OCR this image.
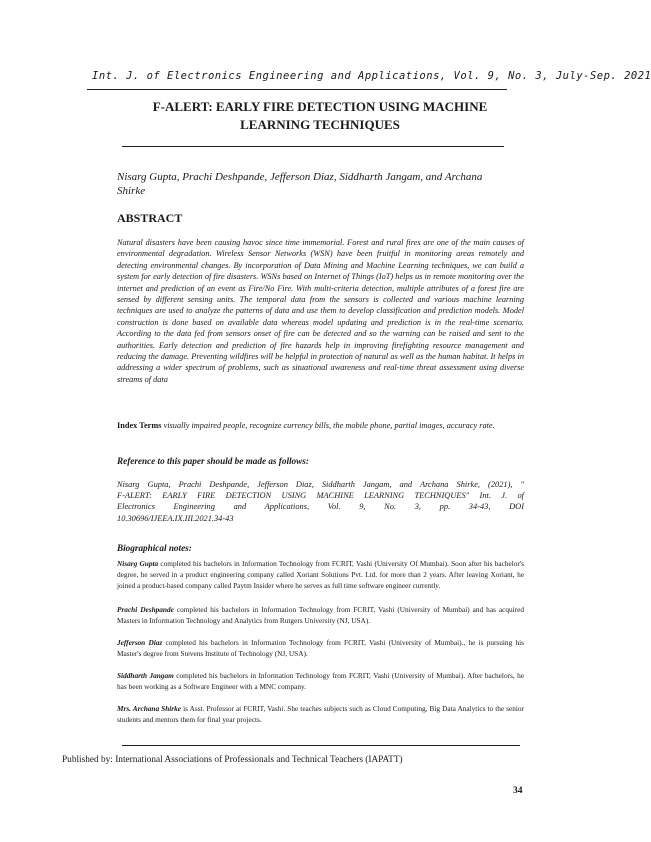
Int. J. of Electronics Engineering and Applications, Vol. 9, No. 3, July-Sep. 2021
F-ALERT: EARLY FIRE DETECTION USING MACHINE
LEARNING TECHNIQUES
Nisarg Gupta, Prachi Deshpande, Jefferson Diaz, Siddharth Jangam, and Archana
Shirke
ABSTRACT
Natural disasters have been causing havoc since time immemorial. Forest and rural fires are one of the main causes of environmental degradation. Wireless Sensor Networks (WSN) have been fruitful in monitoring areas remotely and detecting environmental changes. By incorporation of Data Mining and Machine Learning techniques, we can build a system for early detection of fire disasters. WSNs based on Internet of Things (IoT) helps us in remote monitoring over the internet and prediction of an event as Fire/No Fire. With multi-criteria detection, multiple attributes of a forest fire are sensed by different sensing units. The temporal data from the sensors is collected and various machine learning techniques are used to analyze the patterns of data and use them to develop classification and prediction models. Model construction is done based on available data whereas model updating and prediction is in the real-time scenario. According to the data fed from sensors onset of fire can be detected and so the warning can be raised and sent to the authorities. Early detection and prediction of fire hazards help in improving firefighting resource management and reducing the damage. Preventing wildfires will be helpful in protection of natural as well as the human habitat. It helps in addressing a wider spectrum of problems, such as situational awareness and real-time threat assessment using diverse streams of data
Index Terms visually impaired people, recognize currency bills, the mobile phone, partial images, accuracy rate.
Reference to this paper should be made as follows:
Nisarg Gupta, Prachi Deshpande, Jefferson Diaz, Siddharth Jangam, and Archana Shirke, (2021), "
F-ALERT: EARLY FIRE DETECTION USING MACHINE LEARNING TECHNIQUES" Int. J. of
Electronics Engineering and Applications, Vol. 9, No. 3, pp. 34-43, DOI
10.30696/IJEEA.IX.III.2021.34-43
Biographical notes:
Nisarg Gupta completed his bachelors in Information Technology from FCRIT, Vashi (University Of Mumbai). Soon after his bachelor's degree, he served in a product engineering company called Xoriant Solutions Pvt. Ltd. for more than 2 years. After leaving Xoriant, he joined a product-based company called Paytm Insider where he serves as full time software engineer currently.
Prachi Deshpande completed his bachelors in Information Technology from FCRIT, Vashi (University of Mumbai) and has acquired Masters in Information Technology and Analytics from Rutgers University (NJ, USA).
Jefferson Diaz completed his bachelors in Information Technology from FCRIT, Vashi (University of Mumbai)., he is pursuing his Master's degree from Stevens Institute of Technology (NJ, USA).
Siddharth Jangam completed his bachelors in Information Technology from FCRIT, Vashi (University of Mumbai). After bachelors, he has been working as a Software Engineer with a MNC company.
Mrs. Archana Shirke is Asst. Professor at FCRIT, Vashi. She teaches subjects such as Cloud Computing, Big Data Analytics to the senior students and mentors them for final year projects.
Published by: International Associations of Professionals and Technical Teachers (IAPATT)
34
